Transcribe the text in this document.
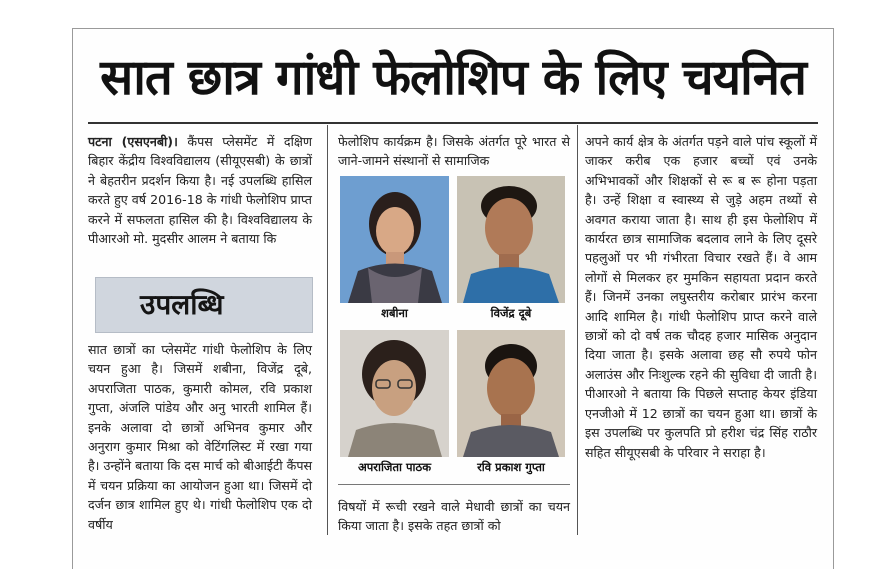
सात छात्र गांधी फेलोशिप के लिए चयनित

पटना (एसएनबी)। कैंपस प्लेसमेंट में दक्षिण बिहार केंद्रीय विश्वविद्यालय (सीयूएसबी) के छात्रों ने बेहतरीन प्रदर्शन किया है। नई उपलब्धि हासिल करते हुए वर्ष 2016-18 के गांधी फेलोशिप प्राप्त करने में सफलता हासिल की है। विश्वविद्यालय के पीआरओ मो. मुदसीर आलम ने बताया कि

उपलब्धि

सात छात्रों का प्लेसमेंट गांधी फेलोशिप के लिए चयन हुआ है। जिसमें शबीना, विजेंद्र दूबे, अपराजिता पाठक, कुमारी कोमल, रवि प्रकाश गुप्ता, अंजलि पांडेय और अनु भारती शामिल हैं। इनके अलावा दो छात्रों अभिनव कुमार और अनुराग कुमार मिश्रा को वेटिंगलिस्ट में रखा गया है। उन्होंने बताया कि दस मार्च को बीआईटी कैंपस में चयन प्रक्रिया का आयोजन हुआ था। जिसमें दो दर्जन छात्र शामिल हुए थे। गांधी फेलोशिप एक दो वर्षीय

फेलोशिप कार्यक्रम है। जिसके अंतर्गत पूरे भारत से जाने-जामने संस्थानों से सामाजिक

शबीना	विजेंद्र दूबे
अपराजिता पाठक	रवि प्रकाश गुप्ता

विषयों में रूची रखने वाले मेधावी छात्रों का चयन किया जाता है। इसके तहत छात्रों को

अपने कार्य क्षेत्र के अंतर्गत पड़ने वाले पांच स्कूलों में जाकर करीब एक हजार बच्चों एवं उनके अभिभावकों और शिक्षकों से रू ब रू होना पड़ता है। उन्हें शिक्षा व स्वास्थ्य से जुड़े अहम तथ्यों से अवगत कराया जाता है। साथ ही इस फेलोशिप में कार्यरत छात्र सामाजिक बदलाव लाने के लिए दूसरे पहलुओं पर भी गंभीरता विचार रखते हैं। वे आम लोगों से मिलकर हर मुमकिन सहायता प्रदान करते हैं। जिनमें उनका लघुस्तरीय करोबार प्रारंभ करना आदि शामिल है। गांधी फेलोशिप प्राप्त करने वाले छात्रों को दो वर्ष तक चौदह हजार मासिक अनुदान दिया जाता है। इसके अलावा छह सौ रुपये फोन अलाउंस और निःशुल्क रहने की सुविधा दी जाती है। पीआरओ ने बताया कि पिछले सप्ताह केयर इंडिया एनजीओ में 12 छात्रों का चयन हुआ था। छात्रों के इस उपलब्धि पर कुलपति प्रो हरीश चंद्र सिंह राठौर सहित सीयूएसबी के परिवार ने सराहा है।
